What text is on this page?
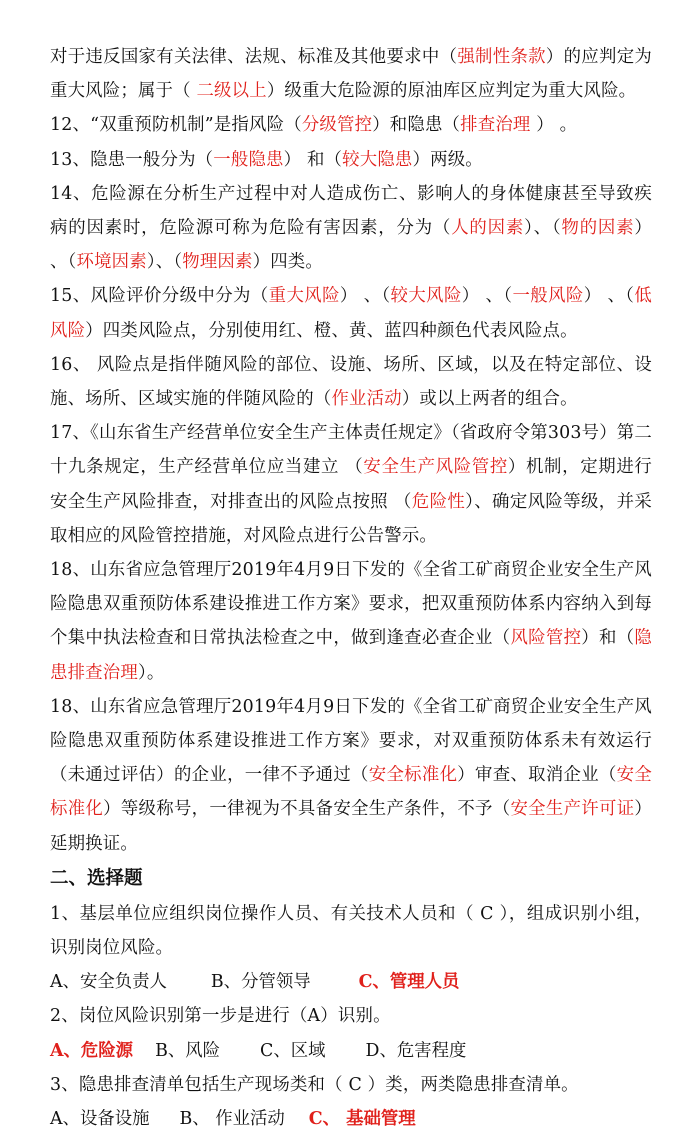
对于违反国家有关法律、法规、标准及其他要求中（强制性条款）的应判定为重大风险；属于（ 二级以上）级重大危险源的原油库区应判定为重大风险。

12、“双重预防机制”是指风险（分级管控）和隐患（排查治理 ） 。

13、隐患一般分为（一般隐患） 和（较大隐患）两级。

14、危险源在分析生产过程中对人造成伤亡、影响人的身体健康甚至导致疾病的因素时，危险源可称为危险有害因素，分为（人的因素）、（物的因素） 、（环境因素）、（物理因素）四类。

15、风险评价分级中分为（重大风险） 、（较大风险） 、（一般风险） 、（低风险）四类风险点，分别使用红、橙、黄、蓝四种颜色代表风险点。

16、 风险点是指伴随风险的部位、设施、场所、区域，以及在特定部位、设施、场所、区域实施的伴随风险的（作业活动）或以上两者的组合。

17、《山东省生产经营单位安全生产主体责任规定》（省政府令第303号）第二十九条规定，生产经营单位应当建立 （安全生产风险管控）机制，定期进行安全生产风险排查，对排查出的风险点按照 （危险性）、确定风险等级，并采取相应的风险管控措施，对风险点进行公告警示。

18、山东省应急管理厅2019年4月9日下发的《全省工矿商贸企业安全生产风险隐患双重预防体系建设推进工作方案》要求，把双重预防体系内容纳入到每个集中执法检查和日常执法检查之中，做到逢查必查企业（风险管控）和（隐患排查治理）。

18、山东省应急管理厅2019年4月9日下发的《全省工矿商贸企业安全生产风险隐患双重预防体系建设推进工作方案》要求，对双重预防体系未有效运行（未通过评估）的企业，一律不予通过（安全标准化）审查、取消企业（安全标准化）等级称号，一律视为不具备安全生产条件，不予（安全生产许可证）延期换证。

二、选择题

1、基层单位应组织岗位操作人员、有关技术人员和（ C ），组成识别小组，识别岗位风险。

A、安全负责人	B、分管领导	C、管理人员

2、岗位风险识别第一步是进行（A）识别。

A、危险源 B、风险 C、区域 D、危害程度

3、隐患排查清单包括生产现场类和（ C ）类，两类隐患排查清单。

A、设备设施 B、 作业活动 C、 基础管理
